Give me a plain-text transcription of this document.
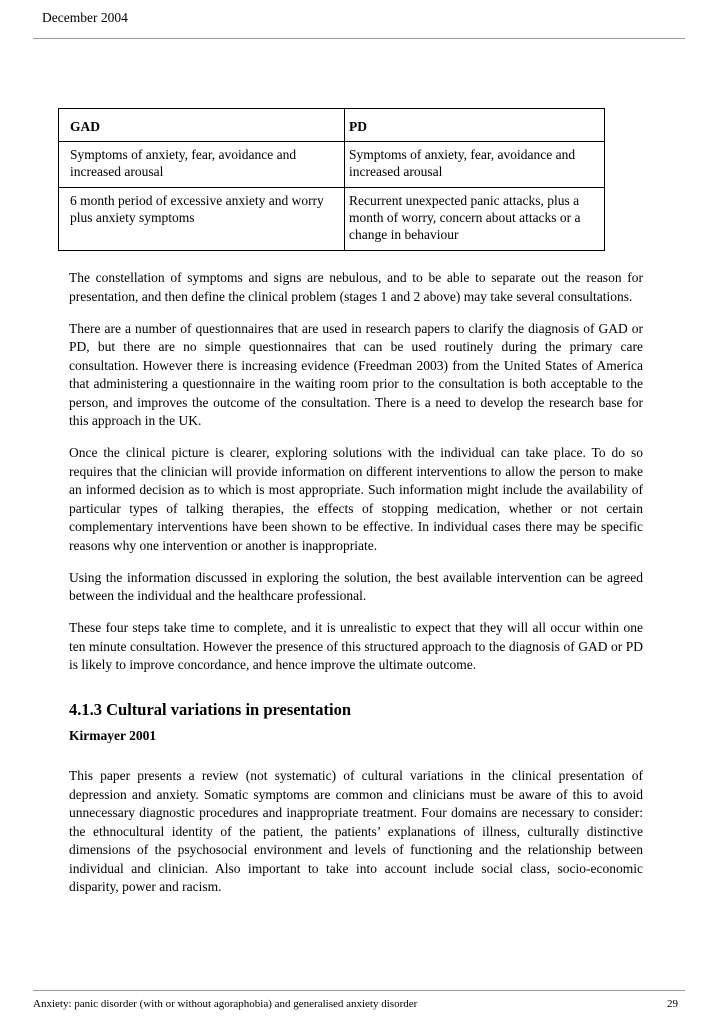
December 2004
GAD	PD
Symptoms of anxiety, fear, avoidance and increased arousal	Symptoms of anxiety, fear, avoidance and increased arousal
6 month period of excessive anxiety and worry plus anxiety symptoms	Recurrent unexpected panic attacks, plus a month of worry, concern about attacks or a change in behaviour

The constellation of symptoms and signs are nebulous, and to be able to separate out the reason for presentation, and then define the clinical problem (stages 1 and 2 above) may take several consultations.

There are a number of questionnaires that are used in research papers to clarify the diagnosis of GAD or PD, but there are no simple questionnaires that can be used routinely during the primary care consultation. However there is increasing evidence (Freedman 2003) from the United States of America that administering a questionnaire in the waiting room prior to the consultation is both acceptable to the person, and improves the outcome of the consultation. There is a need to develop the research base for this approach in the UK.

Once the clinical picture is clearer, exploring solutions with the individual can take place. To do so requires that the clinician will provide information on different interventions to allow the person to make an informed decision as to which is most appropriate. Such information might include the availability of particular types of talking therapies, the effects of stopping medication, whether or not certain complementary interventions have been shown to be effective. In individual cases there may be specific reasons why one intervention or another is inappropriate.

Using the information discussed in exploring the solution, the best available intervention can be agreed between the individual and the healthcare professional.

These four steps take time to complete, and it is unrealistic to expect that they will all occur within one ten minute consultation. However the presence of this structured approach to the diagnosis of GAD or PD is likely to improve concordance, and hence improve the ultimate outcome.

4.1.3 Cultural variations in presentation
Kirmayer 2001

This paper presents a review (not systematic) of cultural variations in the clinical presentation of depression and anxiety. Somatic symptoms are common and clinicians must be aware of this to avoid unnecessary diagnostic procedures and inappropriate treatment. Four domains are necessary to consider: the ethnocultural identity of the patient, the patients’ explanations of illness, culturally distinctive dimensions of the psychosocial environment and levels of functioning and the relationship between individual and clinician. Also important to take into account include social class, socio-economic disparity, power and racism.

Anxiety: panic disorder (with or without agoraphobia) and generalised anxiety disorder	29
